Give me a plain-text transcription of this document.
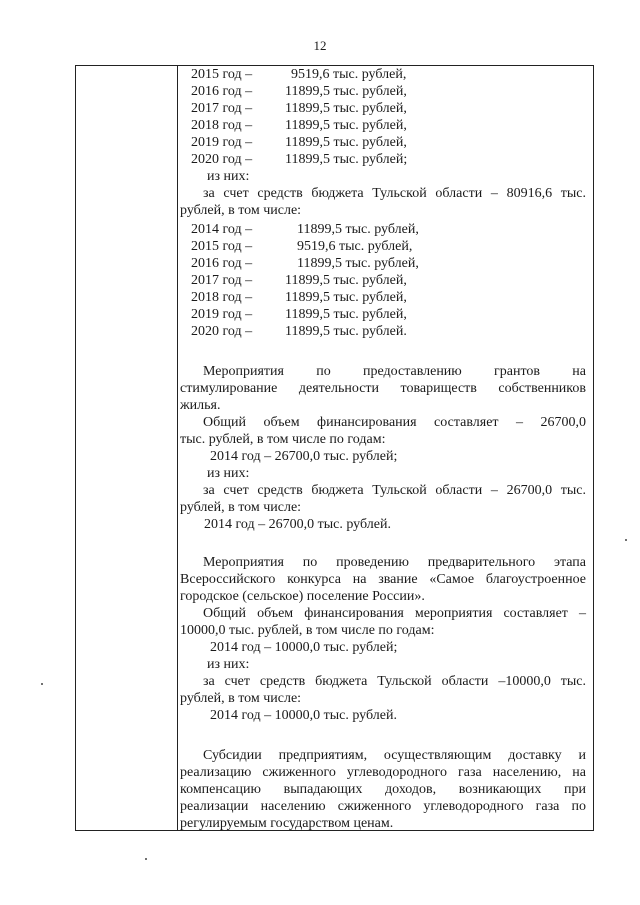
12
2015 год –	9519,6 тыс. рублей,
2016 год – 11899,5 тыс. рублей,
2017 год – 11899,5 тыс. рублей,
2018 год – 11899,5 тыс. рублей,
2019 год – 11899,5 тыс. рублей,
2020 год – 11899,5 тыс. рублей;
из них:
за счет средств бюджета Тульской области – 80916,6 тыс.
рублей, в том числе:
2014 год –	11899,5 тыс. рублей,
2015 год –	9519,6 тыс. рублей,
2016 год –	11899,5 тыс. рублей,
2017 год – 11899,5 тыс. рублей,
2018 год – 11899,5 тыс. рублей,
2019 год – 11899,5 тыс. рублей,
2020 год – 11899,5 тыс. рублей.
Мероприятия по предоставлению грантов на
стимулирование деятельности товариществ собственников
жилья.
Общий объем финансирования составляет – 26700,0
тыс. рублей, в том числе по годам:
2014 год – 26700,0 тыс. рублей;
из них:
за счет средств бюджета Тульской области – 26700,0 тыс.
рублей, в том числе:
2014 год – 26700,0 тыс. рублей.
Мероприятия по проведению предварительного этапа
Всероссийского конкурса на звание «Самое благоустроенное
городское (сельское) поселение России».
Общий объем финансирования мероприятия составляет –
10000,0 тыс. рублей, в том числе по годам:
2014 год – 10000,0 тыс. рублей;
из них:
за счет средств бюджета Тульской области –10000,0 тыс.
рублей, в том числе:
2014 год – 10000,0 тыс. рублей.
Субсидии предприятиям, осуществляющим доставку и
реализацию сжиженного углеводородного газа населению, на
компенсацию выпадающих доходов, возникающих при
реализации населению сжиженного углеводородного газа по
регулируемым государством ценам.
